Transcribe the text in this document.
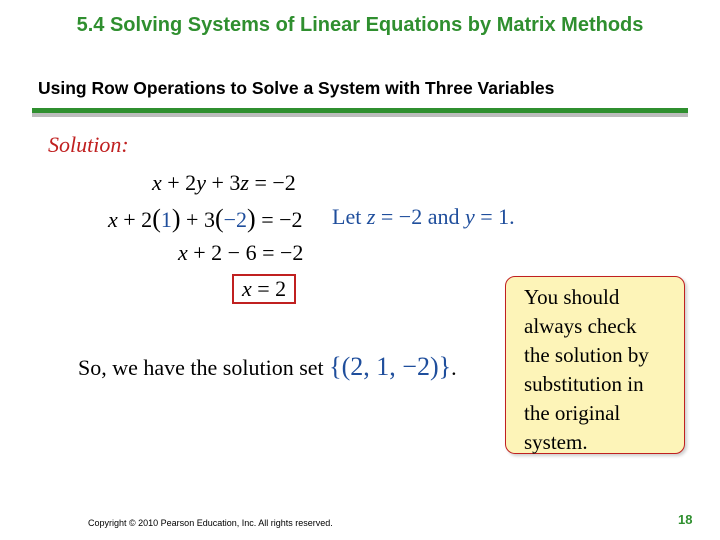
5.4 Solving Systems of Linear Equations by Matrix Methods
Using Row Operations to Solve a System with Three Variables
Solution:
x + 2y + 3z = −2
x + 2(1) + 3(−2) = −2 Let z = −2 and y = 1.
x + 2 − 6 = −2
x = 2
So, we have the solution set {(2, 1, −2)}.
You should
always check
the solution by
substitution in
the original
system.
Copyright © 2010 Pearson Education, Inc. All rights reserved.	18
